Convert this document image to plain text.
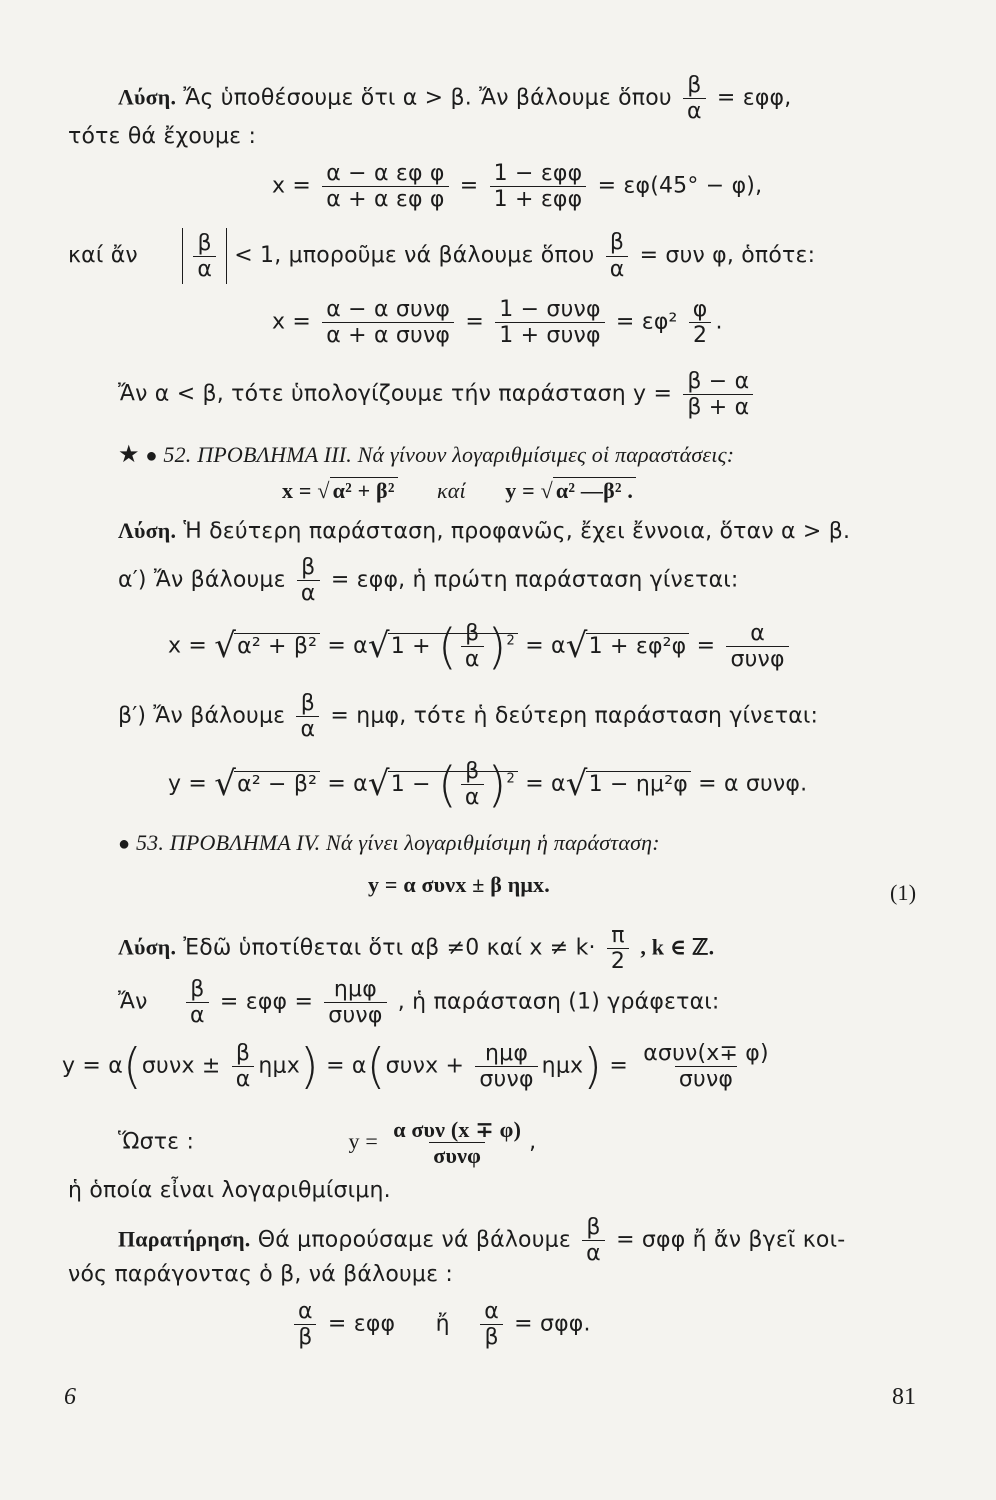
Λύση. Ἄς ὑποθέσουμε ὅτι α > β. Ἄν βάλουμε ὅπου $\frac{\beta}{\alpha} = \varepsilon\varphi\varphi$,
τότε θά ἔχουμε :
$x = \frac{\text{α − α εφ φ}}{\text{α + α εφ φ}} = \frac{\text{1 − εφφ}}{\text{1 + εφφ}} = \varepsilon\varphi(45^\circ - \varphi)$,
καί ἄν	$\frac{\beta}{\alpha} < 1$, μποροῦμε νά βάλουμε ὅπου $\frac{\beta}{\alpha} = \sigma\upsilon\nu$ φ, ὁπότε:
$x = \frac{\text{α − α συνφ}}{\text{α + α συνφ}} = \frac{\text{1 − συνφ}}{\text{1 + συνφ}} = \varepsilon\varphi^2 \frac{\varphi}{2}$ .
Ἄν α < β, τότε ὑπολογίζουμε τήν παράσταση $y = \frac{\beta - \alpha}{\beta + \alpha}$
★ ● 52. ΠΡΟΒΛΗΜΑ ΙΙΙ. Νά γίνουν λογαριθμίσιμες οἱ παραστάσεις:
x = √ α² + β² καί y = √ α² —β² .
Λύση. Ἡ δεύτερη παράσταση, προφανῶς, ἔχει ἔννοια, ὅταν α > β.
α′) Ἄν βάλουμε $\frac{\beta}{\alpha} = \varepsilon\varphi\varphi$, ἡ πρώτη παράσταση γίνεται:
x = √α² + β² = α√1 + ( $\frac{\beta}{\alpha} )^2 = \alpha√1 + \varepsilon\varphi^2\varphi = \frac{\alpha}{\text{συνφ}}$
β′) Ἄν βάλουμε $\frac{\beta}{\alpha} = \eta\mu\varphi$, τότε ἡ δεύτερη παράσταση γίνεται:
y = √α² − β² = α√1 − ( $\frac{\beta}{\alpha} )^2 = \alpha√1 - \eta\mu^2\varphi = \alpha$ συνφ.
● 53. ΠΡΟΒΛΗΜΑ ΙV. Νά γίνει λογαριθμίσιμη ἡ παράσταση:
y = α συνx ± β ημx.	(1)
Λύση. Ἐδῶ ὑποτίθεται ὅτι αβ ≠0 καί $x \ne k\cdot \frac{\pi}{2}$ , k ∈ ℤ.
Ἄν $\frac{\beta}{\alpha} = \varepsilon\varphi\varphi = \frac{\text{ημφ}}{\text{συνφ}}$ , ἡ παράσταση (1) γράφεται:
$y = \alpha(\sigma\upsilon\nu x \pm \frac{\beta}{\alpha} \eta\mu x) = \alpha(\sigma\upsilon\nu x + \frac{\text{ημφ}}{\text{συνφ}} \eta\mu x) = \frac{\text{ασυν(x∓ φ)}}{\text{συνφ}}$
Ὥστε :	$y = \frac{\text{α συν (x ∓ φ)}}{\text{συνφ}}$ ,
ἡ ὁποία εἶναι λογαριθμίσιμη.
Παρατήρηση. Θά μπορούσαμε νά βάλουμε $\frac{\beta}{\alpha} = \sigma\varphi\varphi$ ἤ ἄν βγεῖ κοι-
νός παράγοντας ὁ β, νά βάλουμε :
$\frac{\alpha}{\beta} = \varepsilon\varphi\varphi$ ἤ $\frac{\alpha}{\beta} = \sigma\varphi\varphi$.
6	81
